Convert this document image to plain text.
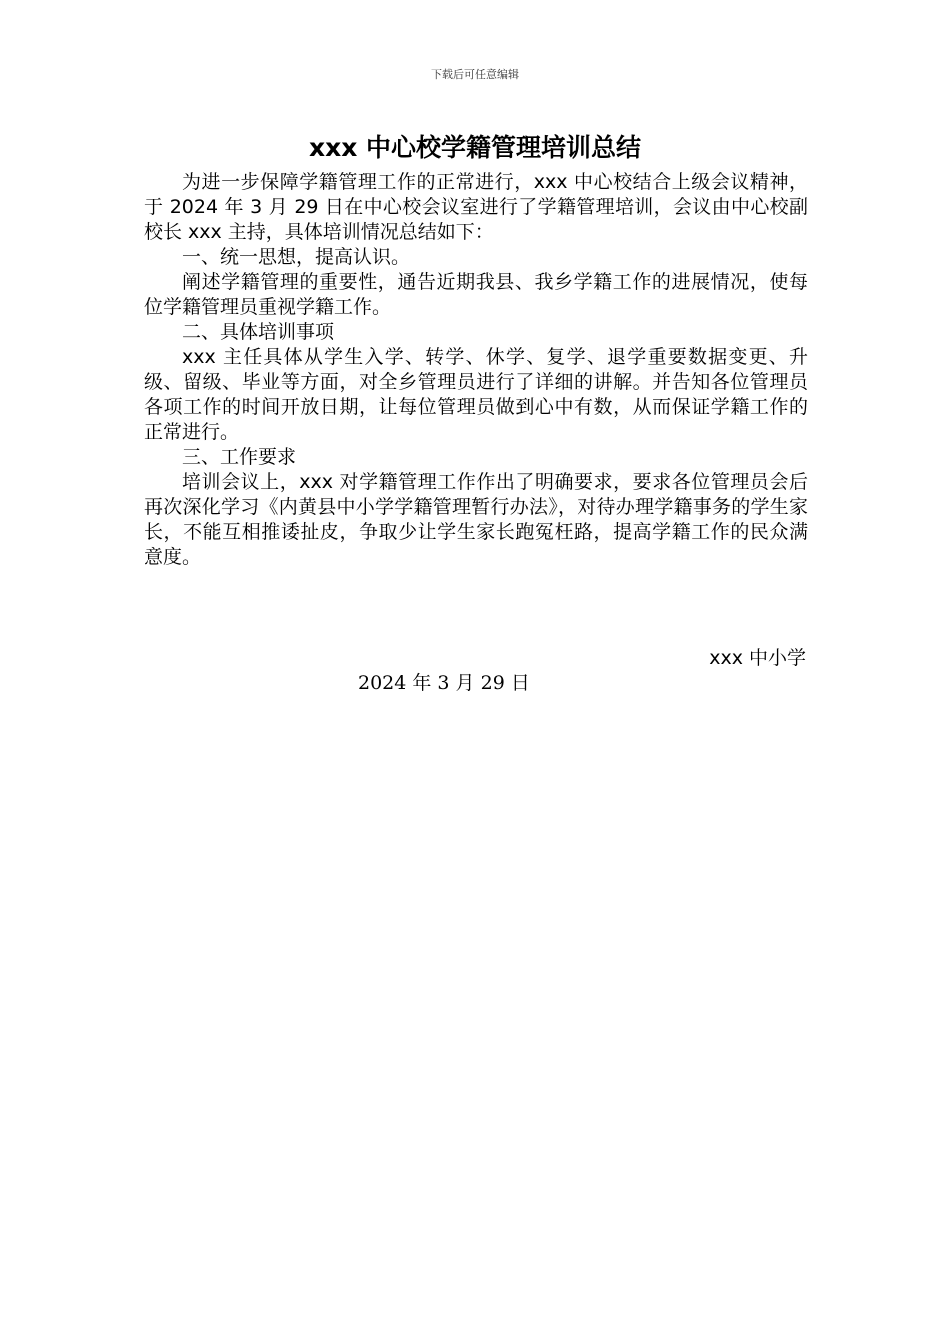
下载后可任意编辑
xxx 中心校学籍管理培训总结

为进一步保障学籍管理工作的正常进行，xxx 中心校结合上级会议精神，于 2024 年 3 月 29 日在中心校会议室进行了学籍管理培训，会议由中心校副校长 xxx 主持，具体培训情况总结如下：

一、统一思想，提高认识。

阐述学籍管理的重要性，通告近期我县、我乡学籍工作的进展情况，使每位学籍管理员重视学籍工作。

二、具体培训事项

xxx 主任具体从学生入学、转学、休学、复学、退学重要数据变更、升级、留级、毕业等方面，对全乡管理员进行了详细的讲解。并告知各位管理员各项工作的时间开放日期，让每位管理员做到心中有数，从而保证学籍工作的正常进行。

三、工作要求

培训会议上，xxx 对学籍管理工作作出了明确要求，要求各位管理员会后再次深化学习《内黄县中小学学籍管理暂行办法》，对待办理学籍事务的学生家长，不能互相推诿扯皮，争取少让学生家长跑冤枉路，提高学籍工作的民众满意度。

xxx 中小学
2024 年 3 月 29 日
